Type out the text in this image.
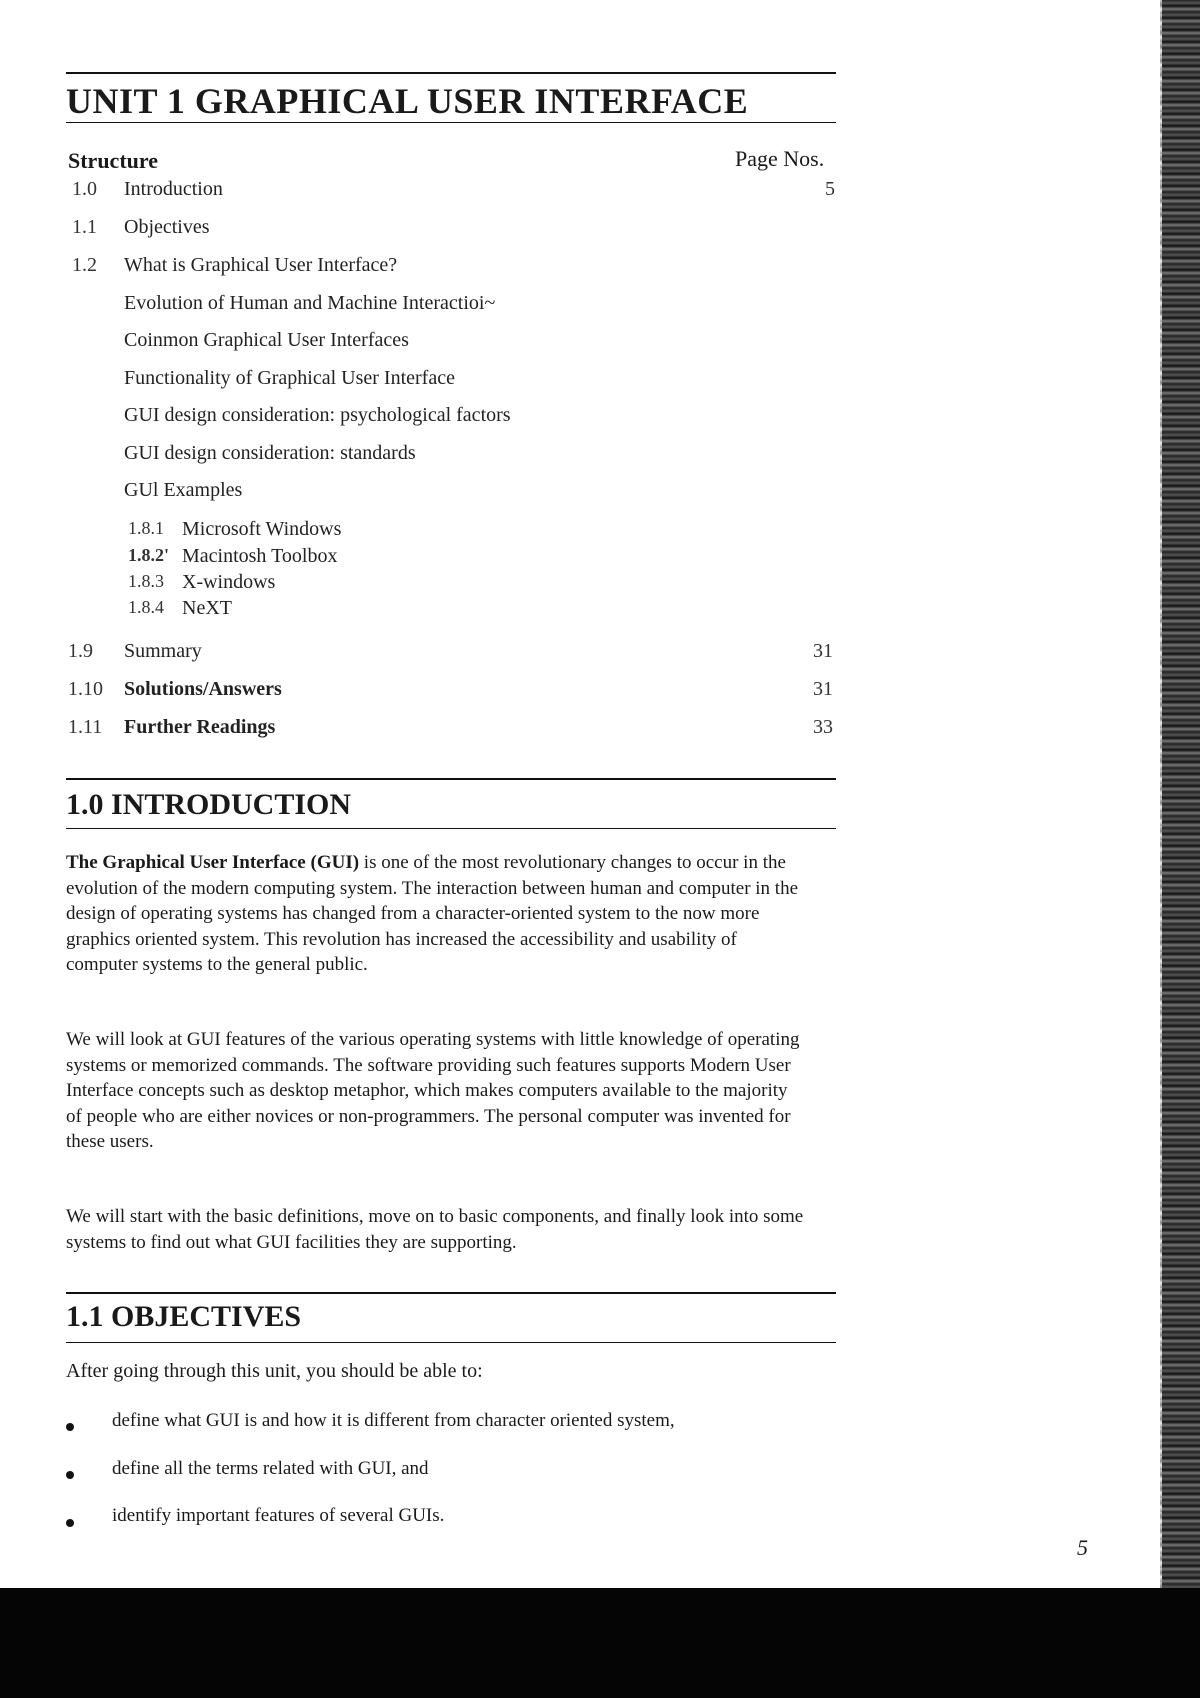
UNIT 1 GRAPHICAL USER INTERFACE
Structure	Page Nos.
1.0 Introduction	5
1.1 Objectives
1.2 What is Graphical User Interface?
Evolution of Human and Machine Interactioi~
Coinmon Graphical User Interfaces
Functionality of Graphical User Interface
GUI design consideration: psychological factors
GUI design consideration: standards
GUl Examples
1.8.1 Microsoft Windows
1.8.2' Macintosh Toolbox
1.8.3 X-windows
1.8.4 NeXT
1.9 Summary	31
1.10 Solutions/Answers	31
1.11 Further Readings	33
1.0 INTRODUCTION
The Graphical User Interface (GUI) is one of the most revolutionary changes to occur in the evolution of the modern computing system. The interaction between human and computer in the design of operating systems has changed from a character-oriented system to the now more graphics oriented system. This revolution has increased the accessibility and usability of computer systems to the general public.
We will look at GUI features of the various operating systems with little knowledge of operating systems or memorized commands. The software providing such features supports Modern User Interface concepts such as desktop metaphor, which makes computers available to the majority of people who are either novices or non-programmers. The personal computer was invented for these users.
We will start with the basic definitions, move on to basic components, and finally look into some systems to find out what GUI facilities they are supporting.
1.1 OBJECTIVES
After going through this unit, you should be able to:
define what GUI is and how it is different from character oriented system,
define all the terms related with GUI, and
identify important features of several GUIs.
5
